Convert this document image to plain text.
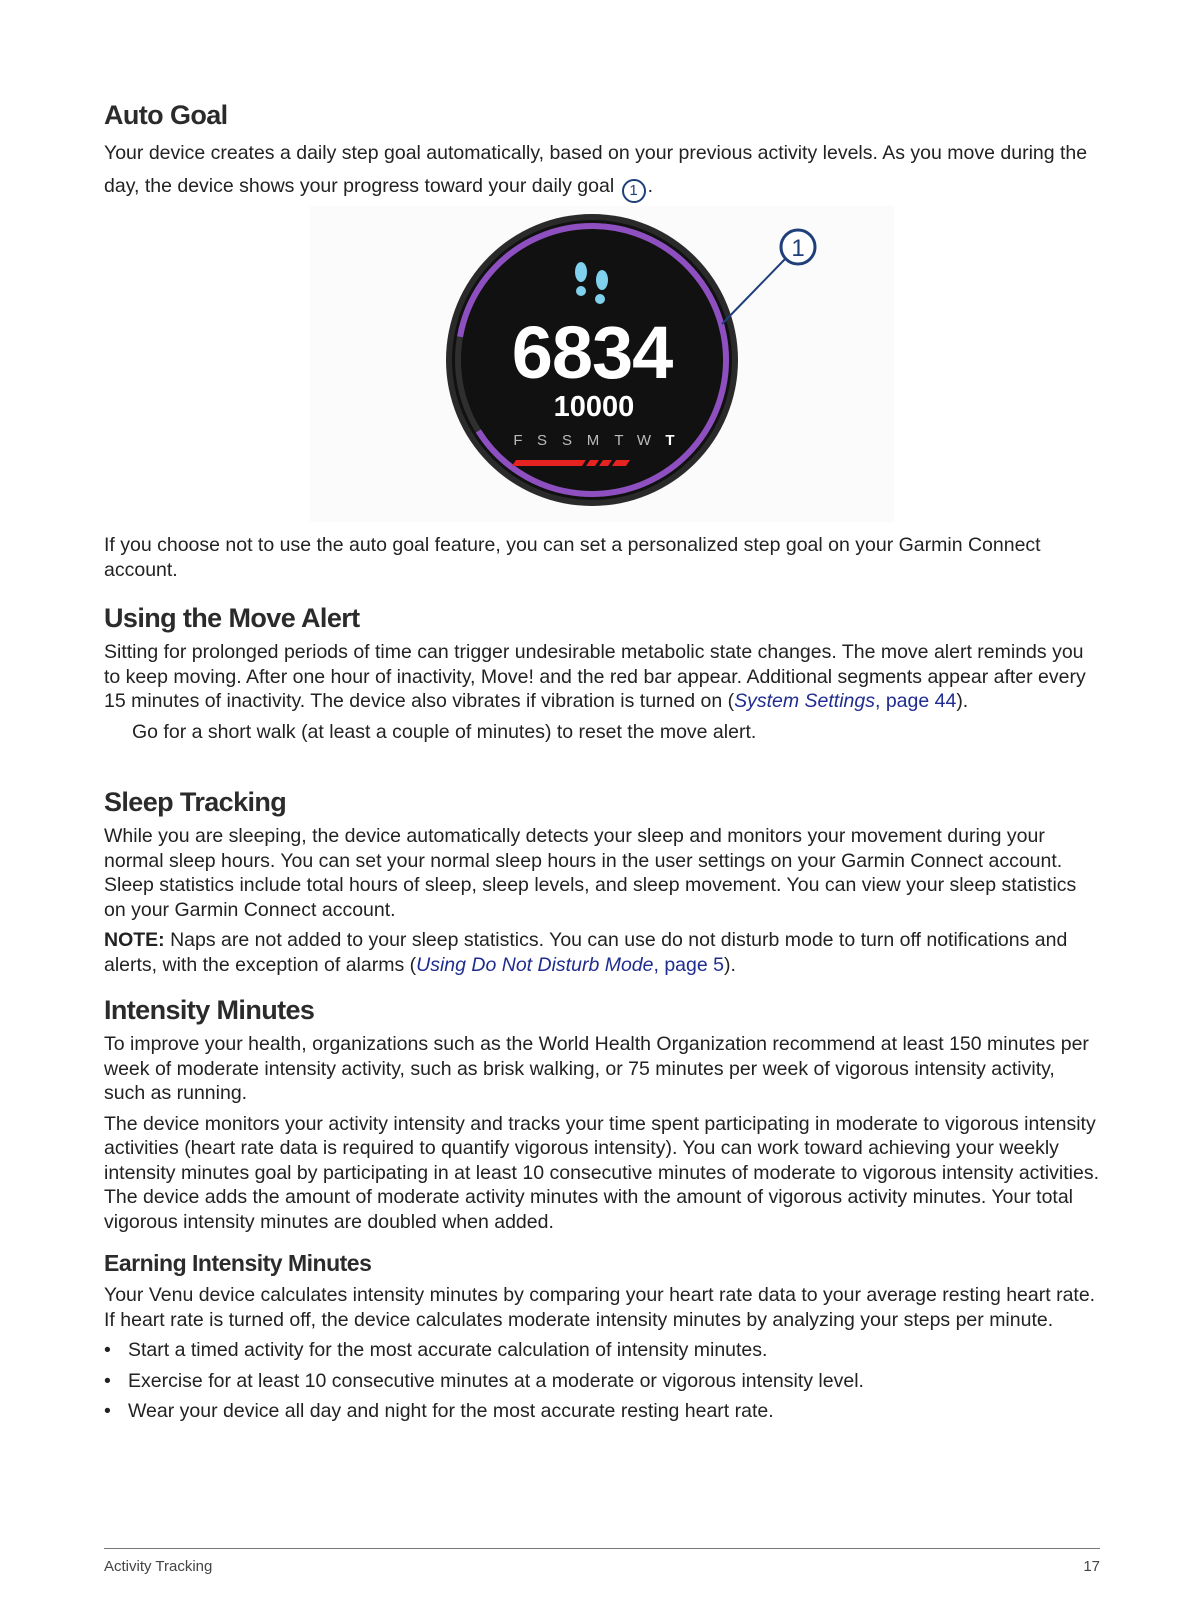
Auto Goal

Your device creates a daily step goal automatically, based on your previous activity levels. As you move during the day, the device shows your progress toward your daily goal 1 .

6834
10000
F S S M T W T
1

If you choose not to use the auto goal feature, you can set a personalized step goal on your Garmin Connect account.

Using the Move Alert

Sitting for prolonged periods of time can trigger undesirable metabolic state changes. The move alert reminds you to keep moving. After one hour of inactivity, Move! and the red bar appear. Additional segments appear after every 15 minutes of inactivity. The device also vibrates if vibration is turned on (System Settings, page 44).

Go for a short walk (at least a couple of minutes) to reset the move alert.

Sleep Tracking

While you are sleeping, the device automatically detects your sleep and monitors your movement during your normal sleep hours. You can set your normal sleep hours in the user settings on your Garmin Connect account. Sleep statistics include total hours of sleep, sleep levels, and sleep movement. You can view your sleep statistics on your Garmin Connect account.

NOTE: Naps are not added to your sleep statistics. You can use do not disturb mode to turn off notifications and alerts, with the exception of alarms (Using Do Not Disturb Mode, page 5).

Intensity Minutes

To improve your health, organizations such as the World Health Organization recommend at least 150 minutes per week of moderate intensity activity, such as brisk walking, or 75 minutes per week of vigorous intensity activity, such as running.

The device monitors your activity intensity and tracks your time spent participating in moderate to vigorous intensity activities (heart rate data is required to quantify vigorous intensity). You can work toward achieving your weekly intensity minutes goal by participating in at least 10 consecutive minutes of moderate to vigorous intensity activities. The device adds the amount of moderate activity minutes with the amount of vigorous activity minutes. Your total vigorous intensity minutes are doubled when added.

Earning Intensity Minutes

Your Venu device calculates intensity minutes by comparing your heart rate data to your average resting heart rate. If heart rate is turned off, the device calculates moderate intensity minutes by analyzing your steps per minute.

• Start a timed activity for the most accurate calculation of intensity minutes.
• Exercise for at least 10 consecutive minutes at a moderate or vigorous intensity level.
• Wear your device all day and night for the most accurate resting heart rate.
Activity Tracking	17
